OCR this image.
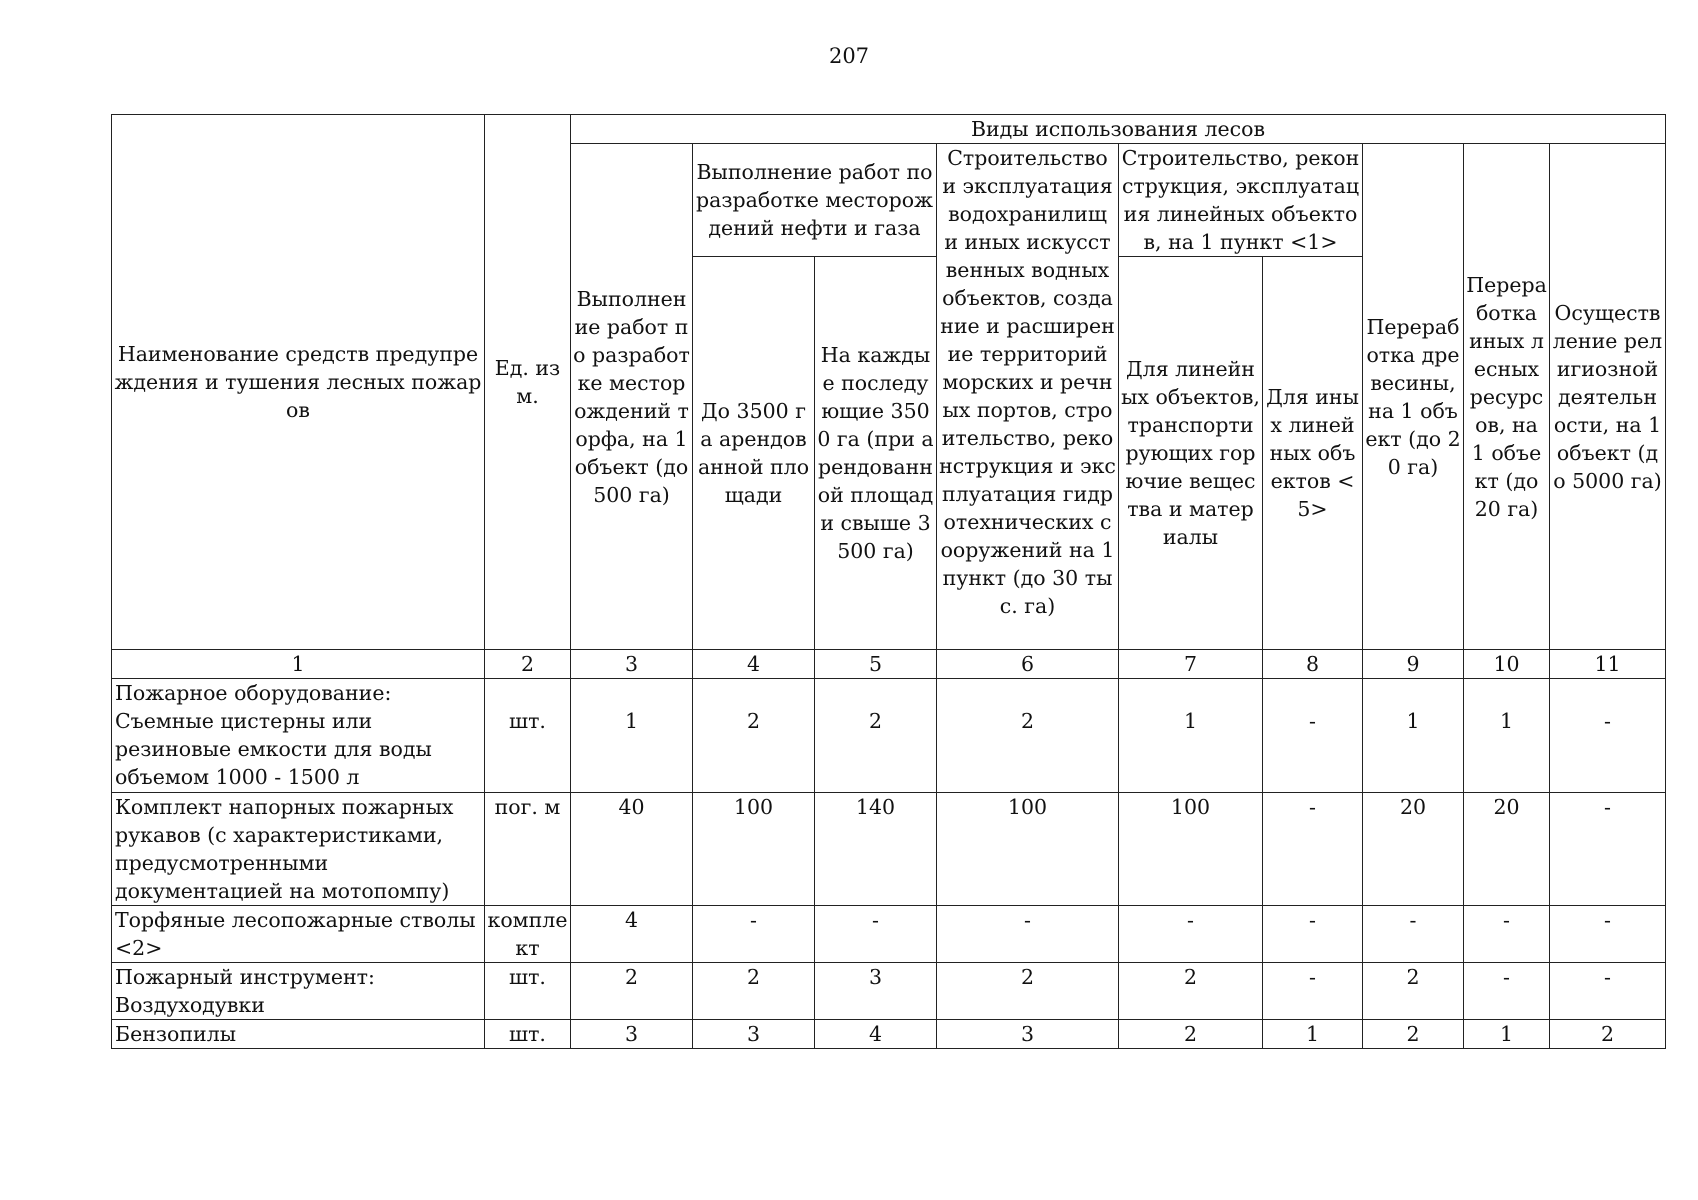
207
Наименование средств предупреждения и тушения лесных пожаров	Ед. изм.	Виды использования лесов								
		Выполнение работ по разработке месторождений торфа, на 1 объект (до 500 га)	Выполнение работ по разработке месторождений нефти и газа		Строительство и эксплуатация водохранилищ и иных искусственных водных объектов, создание и расширение территорий морских и речных портов, строительство, реконструкция и эксплуатация гидротехнических сооружений на 1 пункт (до 30 тыс. га)	Строительство, реконструкция, эксплуатация линейных объектов, на 1 пункт <1>		Переработка древесины, на 1 объект (до 20 га)	Переработка иных лесных ресурсов, на 1 объект (до 20 га)	Осуществление религиозной деятельности, на 1 объект (до 5000 га)
			До 3500 га арендованной площади	На каждые последующие 3500 га (при арендованной площади свыше 3500 га)						
						Для линейных объектов, транспортирующих горючие вещества и материалы	Для иных линейных объектов <5>			
1	2	3	4	5	6	7	8	9	10	11
Пожарное оборудование: Съемные цистерны или резиновые емкости для воды объемом 1000 - 1500 л	шт.	1	2	2	2	1	-	1	1	-
Комплект напорных пожарных рукавов (с характеристиками, предусмотренными документацией на мотопомпу)	пог. м	40	100	140	100	100	-	20	20	-
Торфяные лесопожарные стволы <2>	комплект	4	-	-	-	-	-	-	-	-
Пожарный инструмент: Воздуходувки	шт.	2	2	3	2	2	-	2	-	-
Бензопилы	шт.	3	3	4	3	2	1	2	1	2
